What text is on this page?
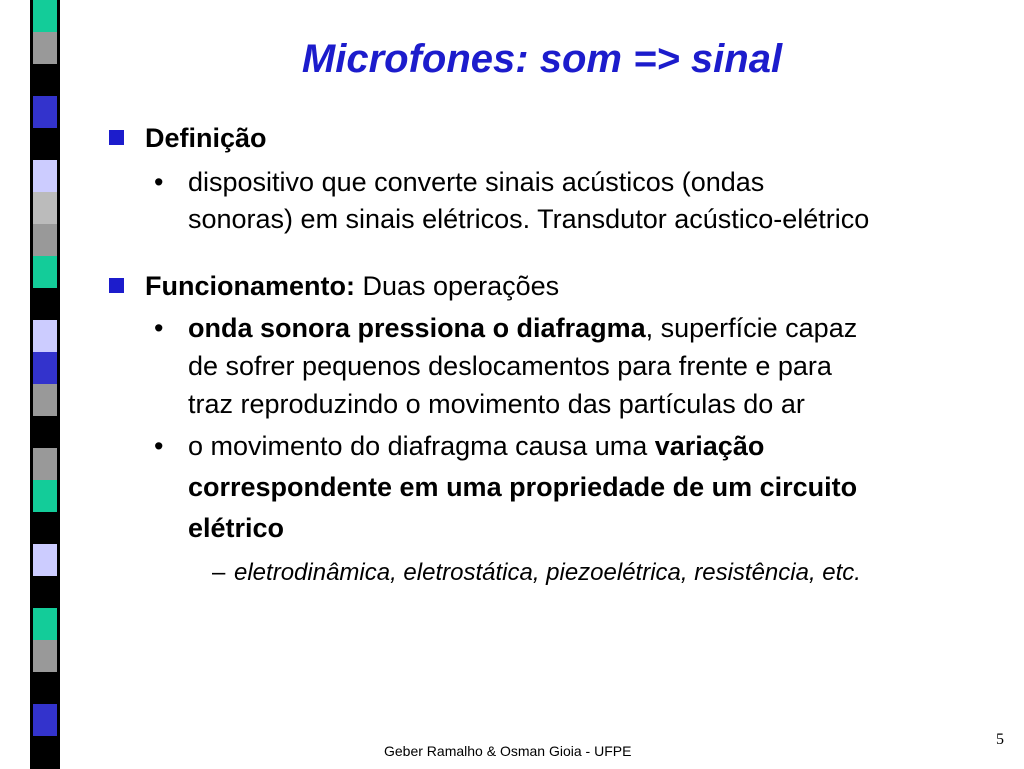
Microfones: som => sinal
Definição
• dispositivo que converte sinais acústicos (ondas
sonoras) em sinais elétricos. Transdutor acústico-elétrico
Funcionamento: Duas operações
• onda sonora pressiona o diafragma, superfície capaz
de sofrer pequenos deslocamentos para frente e para
traz reproduzindo o movimento das partículas do ar
• o movimento do diafragma causa uma variação
correspondente em uma propriedade de um circuito
elétrico
– eletrodinâmica, eletrostática, piezoelétrica, resistência, etc.
Geber Ramalho & Osman Gioia - UFPE
5
